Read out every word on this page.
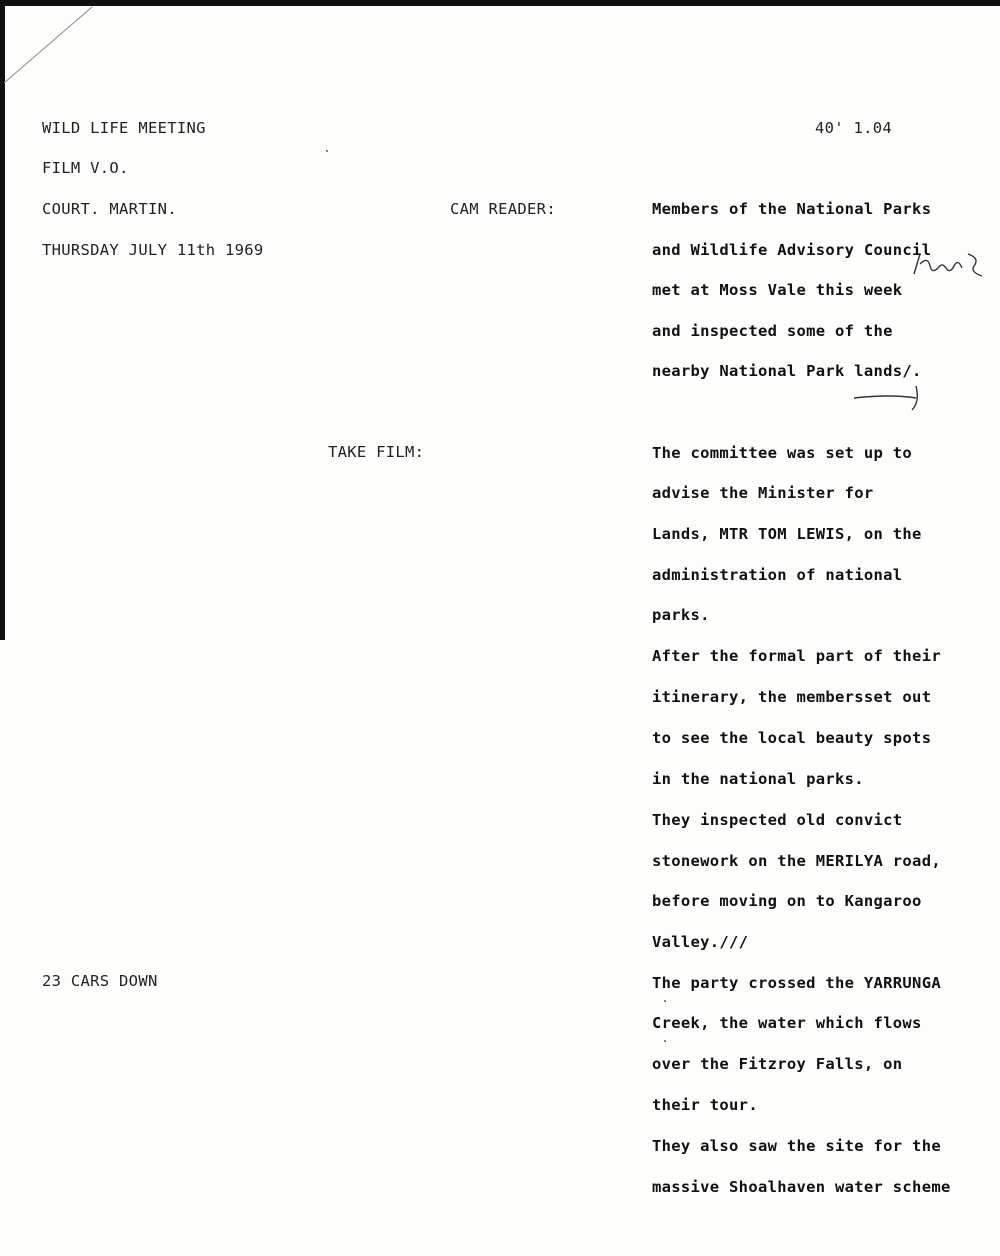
WILD LIFE MEETING
FILM V.O.
COURT. MARTIN.
THURSDAY JULY 11th 1969
40' 1.04
CAM READER:
TAKE FILM:
23 CARS DOWN
Members of the National Parks
and Wildlife Advisory Council
met at Moss Vale this week
and inspected some of the
nearby National Park lands/.
The committee was set up to
advise the Minister for
Lands, MTR TOM LEWIS, on the
administration of national
parks.
After the formal part of their
itinerary, the membersset out
to see the local beauty spots
in the national parks.
They inspected old convict
stonework on the MERILYA road,
before moving on to Kangaroo
Valley.///
The party crossed the YARRUNGA
Creek, the water which flows
over the Fitzroy Falls, on
their tour.
They also saw the site for the
massive Shoalhaven water scheme
